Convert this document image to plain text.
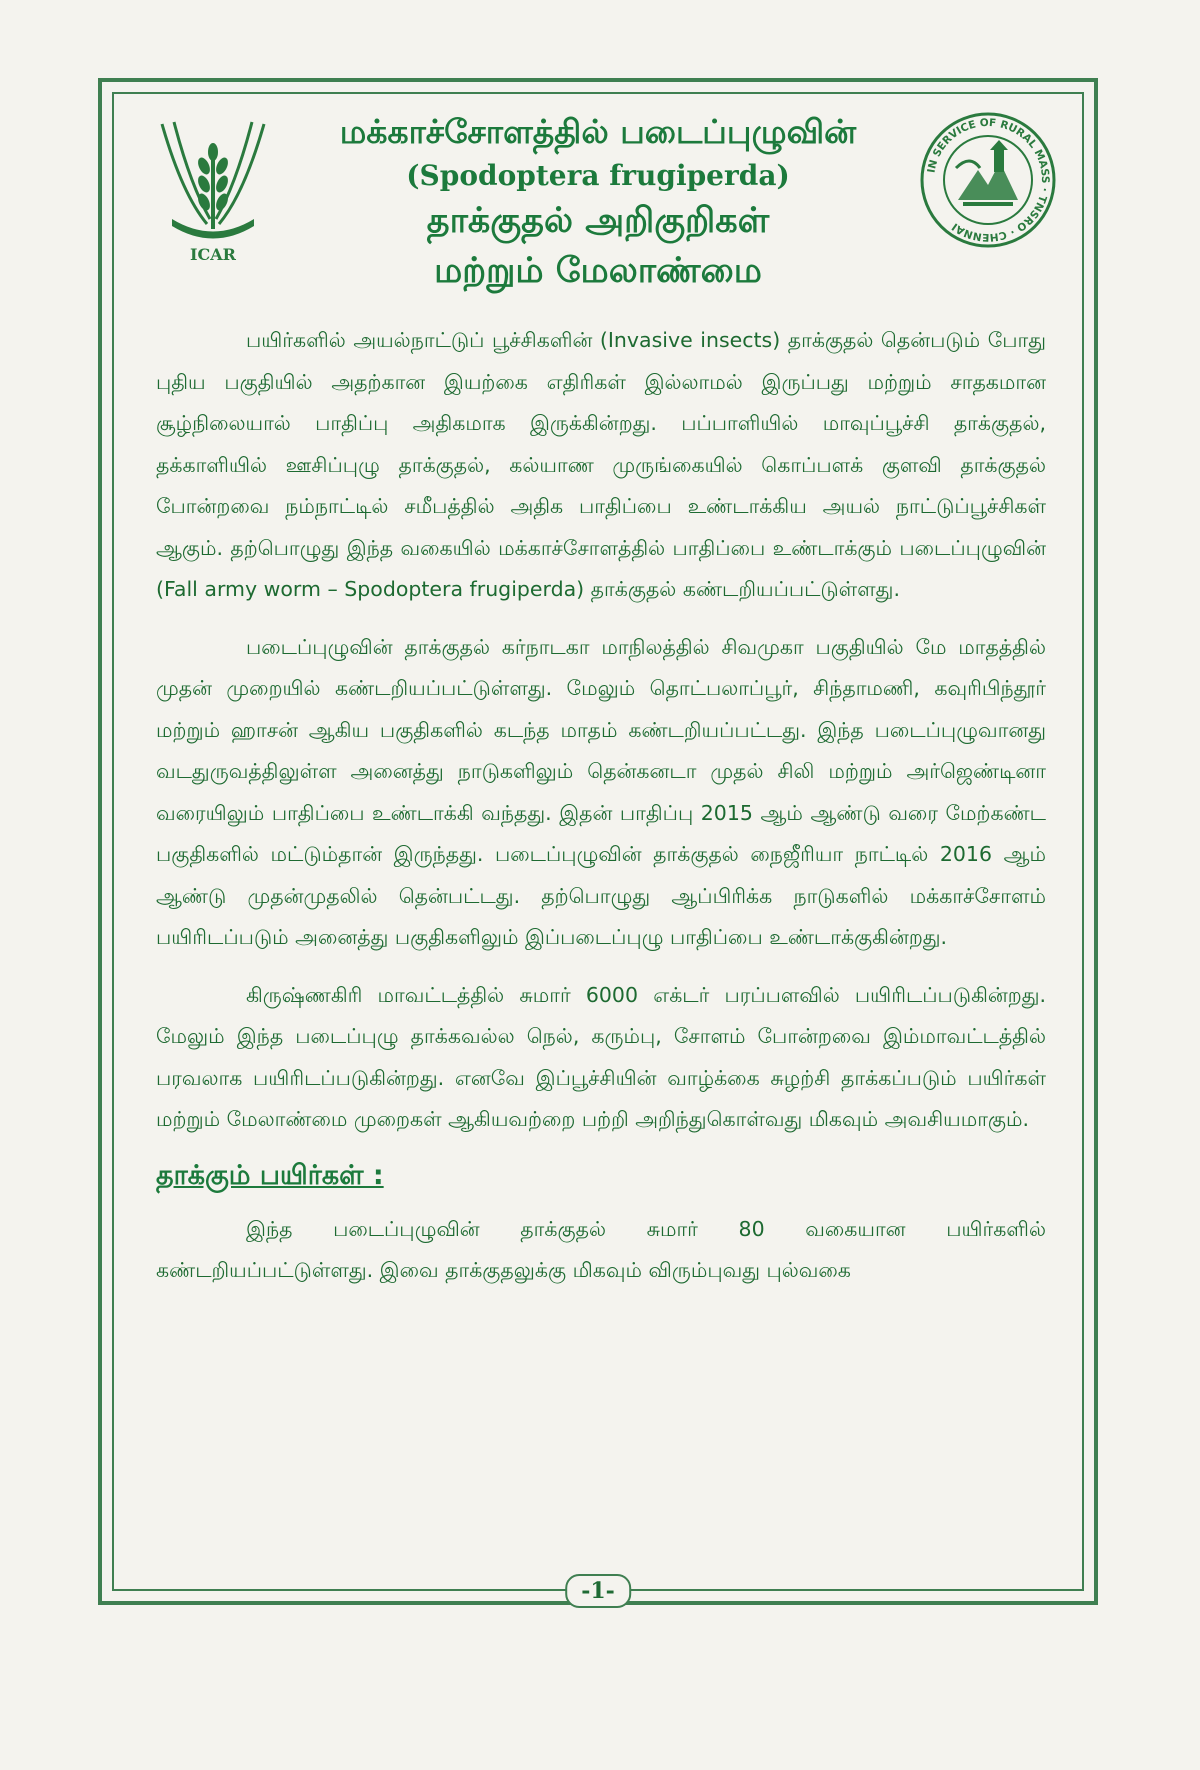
ICAR
மக்காச்சோளத்தில் படைப்புழுவின்
(Spodoptera frugiperda)
தாக்குதல் அறிகுறிகள்
மற்றும் மேலாண்மை
IN SERVICE OF RURAL MASS · TNSRO · CHENNAI

பயிர்களில் அயல்நாட்டுப் பூச்சிகளின் (Invasive insects) தாக்குதல் தென்படும் போது புதிய பகுதியில் அதற்கான இயற்கை எதிரிகள் இல்லாமல் இருப்பது மற்றும் சாதகமான சூழ்நிலையால் பாதிப்பு அதிகமாக இருக்கின்றது. பப்பாளியில் மாவுப்பூச்சி தாக்குதல், தக்காளியில் ஊசிப்புழு தாக்குதல், கல்யாண முருங்கையில் கொப்பளக் குளவி தாக்குதல் போன்றவை நம்நாட்டில் சமீபத்தில் அதிக பாதிப்பை உண்டாக்கிய அயல் நாட்டுப்பூச்சிகள் ஆகும். தற்பொழுது இந்த வகையில் மக்காச்சோளத்தில் பாதிப்பை உண்டாக்கும் படைப்புழுவின் (Fall army worm – Spodoptera frugiperda) தாக்குதல் கண்டறியப்பட்டுள்ளது.

படைப்புழுவின் தாக்குதல் கர்நாடகா மாநிலத்தில் சிவமுகா பகுதியில் மே மாதத்தில் முதன் முறையில் கண்டறியப்பட்டுள்ளது. மேலும் தொட்பலாப்பூர், சிந்தாமணி, கவுரிபிந்தூர் மற்றும் ஹாசன் ஆகிய பகுதிகளில் கடந்த மாதம் கண்டறியப்பட்டது. இந்த படைப்புழுவானது வடதுருவத்திலுள்ள அனைத்து நாடுகளிலும் தென்கனடா முதல் சிலி மற்றும் அர்ஜெண்டினா வரையிலும் பாதிப்பை உண்டாக்கி வந்தது. இதன் பாதிப்பு 2015 ஆம் ஆண்டு வரை மேற்கண்ட பகுதிகளில் மட்டும்தான் இருந்தது. படைப்புழுவின் தாக்குதல் நைஜீரியா நாட்டில் 2016 ஆம் ஆண்டு முதன்முதலில் தென்பட்டது. தற்பொழுது ஆப்பிரிக்க நாடுகளில் மக்காச்சோளம் பயிரிடப்படும் அனைத்து பகுதிகளிலும் இப்படைப்புழு பாதிப்பை உண்டாக்குகின்றது.

கிருஷ்ணகிரி மாவட்டத்தில் சுமார் 6000 எக்டர் பரப்பளவில் பயிரிடப்படுகின்றது. மேலும் இந்த படைப்புழு தாக்கவல்ல நெல், கரும்பு, சோளம் போன்றவை இம்மாவட்டத்தில் பரவலாக பயிரிடப்படுகின்றது. எனவே இப்பூச்சியின் வாழ்க்கை சுழற்சி தாக்கப்படும் பயிர்கள் மற்றும் மேலாண்மை முறைகள் ஆகியவற்றை பற்றி அறிந்துகொள்வது மிகவும் அவசியமாகும்.

தாக்கும் பயிர்கள் :

இந்த படைப்புழுவின் தாக்குதல் சுமார் 80 வகையான பயிர்களில் கண்டறியப்பட்டுள்ளது. இவை தாக்குதலுக்கு மிகவும் விரும்புவது புல்வகை

-1-
